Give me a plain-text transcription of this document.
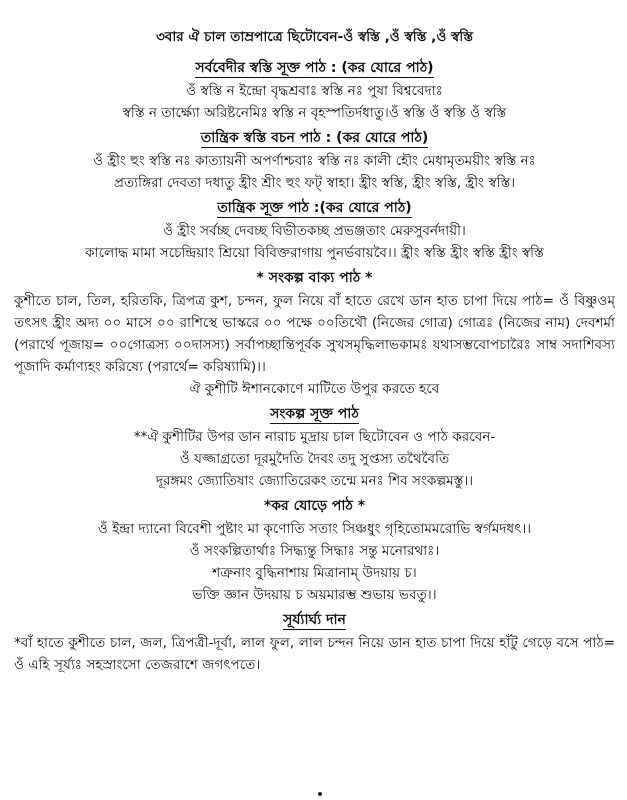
৩বার ঐ চাল তাম্রপাত্রে ছিটোবেন-ওঁ স্বস্তি ,ওঁ স্বস্তি ,ওঁ স্বস্তি
সর্ববেদীর স্বস্তি সূক্ত পাঠ : (কর যোরে পাঠ)
ওঁ স্বস্তি ন ইন্দ্রো বৃদ্ধশ্রবাঃ স্বস্তি নঃ পুষা বিশ্ববেদাঃ
স্বস্তি ন তার্ক্ষ্যো অরিষ্টনেমিঃ স্বস্তি ন বৃহস্পতির্দধাতু।ওঁ স্বস্তি ওঁ স্বস্তি ওঁ স্বস্তি
তান্ত্রিক স্বস্তি বচন পাঠ : (কর যোরে পাঠ)
ওঁ হ্রীং হুং স্বস্তি নঃ কাত্যায়নী অপর্ণাশ্চবাঃ স্বস্তি নঃ কালী হৌং মেধামৃতময়ীং স্বস্তি নঃ
প্রত্যঙ্গিরা দেবতা দধাতু হ্রীং শ্রীং হুং ফট্ স্বাহা। হ্রীং স্বস্তি, হ্রীং স্বস্তি, হ্রীং স্বস্তি।
তান্ত্রিক সূক্ত পাঠ :(কর যোরে পাঠ)
ওঁ হ্রীং সর্বচ্ছ দেবচ্ছ বিভীতকচ্ছ প্রভঞ্জতাং মেরুসুবর্নদায়ী।
কালোদ্ধ মামা সচেন্দ্রিয়াং শ্রিয়ো বিবিক্তরাগায় পুনর্ভবায়বৈ।। হ্রীং স্বস্তি হ্রীং স্বস্তি হ্রীং স্বস্তি
* সংকল্প বাক্য পাঠ *
কুশীতে চাল, তিল, হরিতকি, ত্রিপত্র কুশ, চন্দন, ফুল নিয়ে বাঁ হাতে রেখে ডান হাত চাপা দিয়ে পাঠ= ওঁ বিষ্ণুওম্ তৎসৎ হ্রীং অদ্য ০০ মাসে ০০ রাশিস্থে ভাস্করে ০০ পক্ষে ০০তিথৌ (নিজের গোত্র) গোত্রঃ (নিজের নাম) দেবশর্মা (পরার্থে পূজায়= ০০গোত্রস্য ০০দাসস্য) সর্বাপচ্ছান্তিপূর্বক সুখসমৃদ্ধিলাভকামঃ যথাসম্ভবোপচারৈঃ সাম্ব সদাশিবস্য পূজাদি কর্মাণ্যহং করিষ্যে (পরার্থে= করিষ্যামি)।।
ঐ কুশীটি ঈশানকোণে মাটিতে উপুর করতে হবে
সংকল্প সূক্ত পাঠ
**ঐ কুশীটির উপর ডান নারাচ মুদ্রায় চাল ছিটোবেন ও পাঠ করবেন-
ওঁ যজ্জাগ্রতো দূরমুদৈতি দৈবং তদু সুপ্তস্য তথৈবৈতি
দূরঙ্গমং জ্যোতিষাং জ্যোতিরেকং তন্মে মনঃ শিব সংকল্পমস্তু।।
*কর যোড়ে পাঠ *
ওঁ ইন্দ্রা দ্যানো বিবেশী পুষ্টাং মা কৃণোতি সতাং সিঞ্চধুং গৃহিতোমমরোভি স্বর্গমদধৎ।।
ওঁ সংকল্পিতার্থাঃ সিদ্ধ্যন্তু সিদ্ধাঃ সন্তু মনোরথাঃ।
শত্রুনাং বুদ্ধিনাশায় মিত্রানাম্ উদয়ায় চ।
ভক্তি জ্ঞান উদয়ায় চ অয়মারম্ভ শুভায় ভবতু।।
সূর্য্যার্ঘ্য দান
*বাঁ হাতে কুশীতে চাল, জল, ত্রিপত্রী-দূর্বা, লাল ফুল, লাল চন্দন নিয়ে ডান হাত চাপা দিয়ে হাঁটু গেড়ে বসে পাঠ= ওঁ এহি সূর্য্যঃ সহস্রাংসো তেজরাশে জগৎপতে।
